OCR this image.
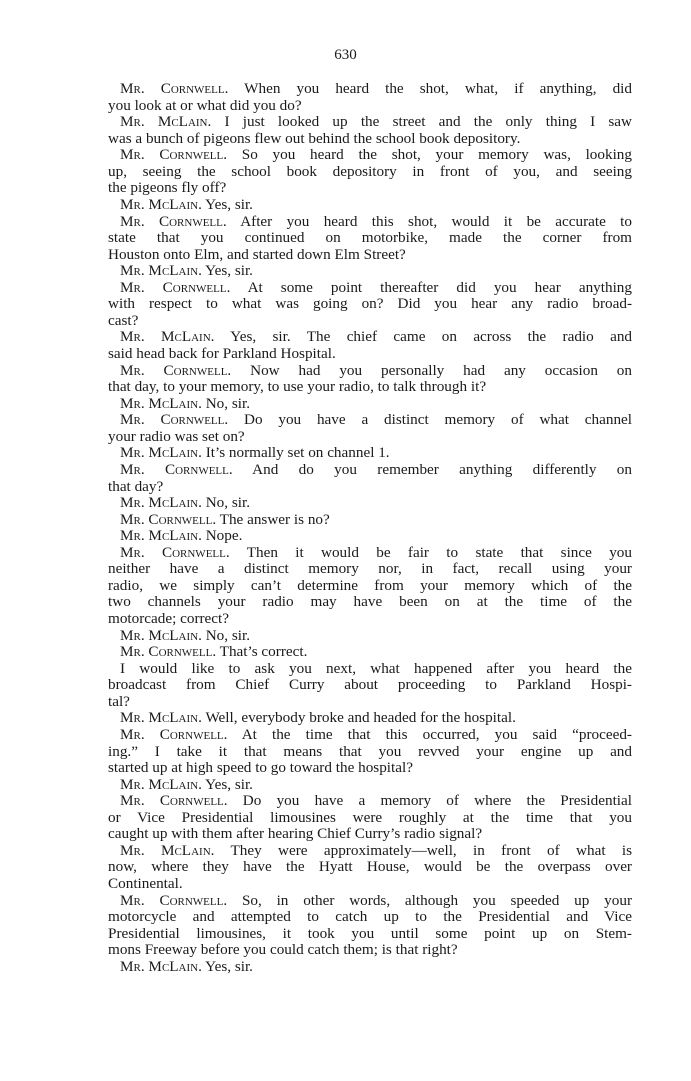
630
Mr. Cornwell. When you heard the shot, what, if anything, did
you look at or what did you do?
Mr. McLain. I just looked up the street and the only thing I saw
was a bunch of pigeons flew out behind the school book depository.
Mr. Cornwell. So you heard the shot, your memory was, looking
up, seeing the school book depository in front of you, and seeing
the pigeons fly off?
Mr. McLain. Yes, sir.
Mr. Cornwell. After you heard this shot, would it be accurate to
state that you continued on motorbike, made the corner from
Houston onto Elm, and started down Elm Street?
Mr. McLain. Yes, sir.
Mr. Cornwell. At some point thereafter did you hear anything
with respect to what was going on? Did you hear any radio broad-
cast?
Mr. McLain. Yes, sir. The chief came on across the radio and
said head back for Parkland Hospital.
Mr. Cornwell. Now had you personally had any occasion on
that day, to your memory, to use your radio, to talk through it?
Mr. McLain. No, sir.
Mr. Cornwell. Do you have a distinct memory of what channel
your radio was set on?
Mr. McLain. It’s normally set on channel 1.
Mr. Cornwell. And do you remember anything differently on
that day?
Mr. McLain. No, sir.
Mr. Cornwell. The answer is no?
Mr. McLain. Nope.
Mr. Cornwell. Then it would be fair to state that since you
neither have a distinct memory nor, in fact, recall using your
radio, we simply can’t determine from your memory which of the
two channels your radio may have been on at the time of the
motorcade; correct?
Mr. McLain. No, sir.
Mr. Cornwell. That’s correct.
I would like to ask you next, what happened after you heard the
broadcast from Chief Curry about proceeding to Parkland Hospi-
tal?
Mr. McLain. Well, everybody broke and headed for the hospital.
Mr. Cornwell. At the time that this occurred, you said “proceed-
ing.” I take it that means that you revved your engine up and
started up at high speed to go toward the hospital?
Mr. McLain. Yes, sir.
Mr. Cornwell. Do you have a memory of where the Presidential
or Vice Presidential limousines were roughly at the time that you
caught up with them after hearing Chief Curry’s radio signal?
Mr. McLain. They were approximately—well, in front of what is
now, where they have the Hyatt House, would be the overpass over
Continental.
Mr. Cornwell. So, in other words, although you speeded up your
motorcycle and attempted to catch up to the Presidential and Vice
Presidential limousines, it took you until some point up on Stem-
mons Freeway before you could catch them; is that right?
Mr. McLain. Yes, sir.
